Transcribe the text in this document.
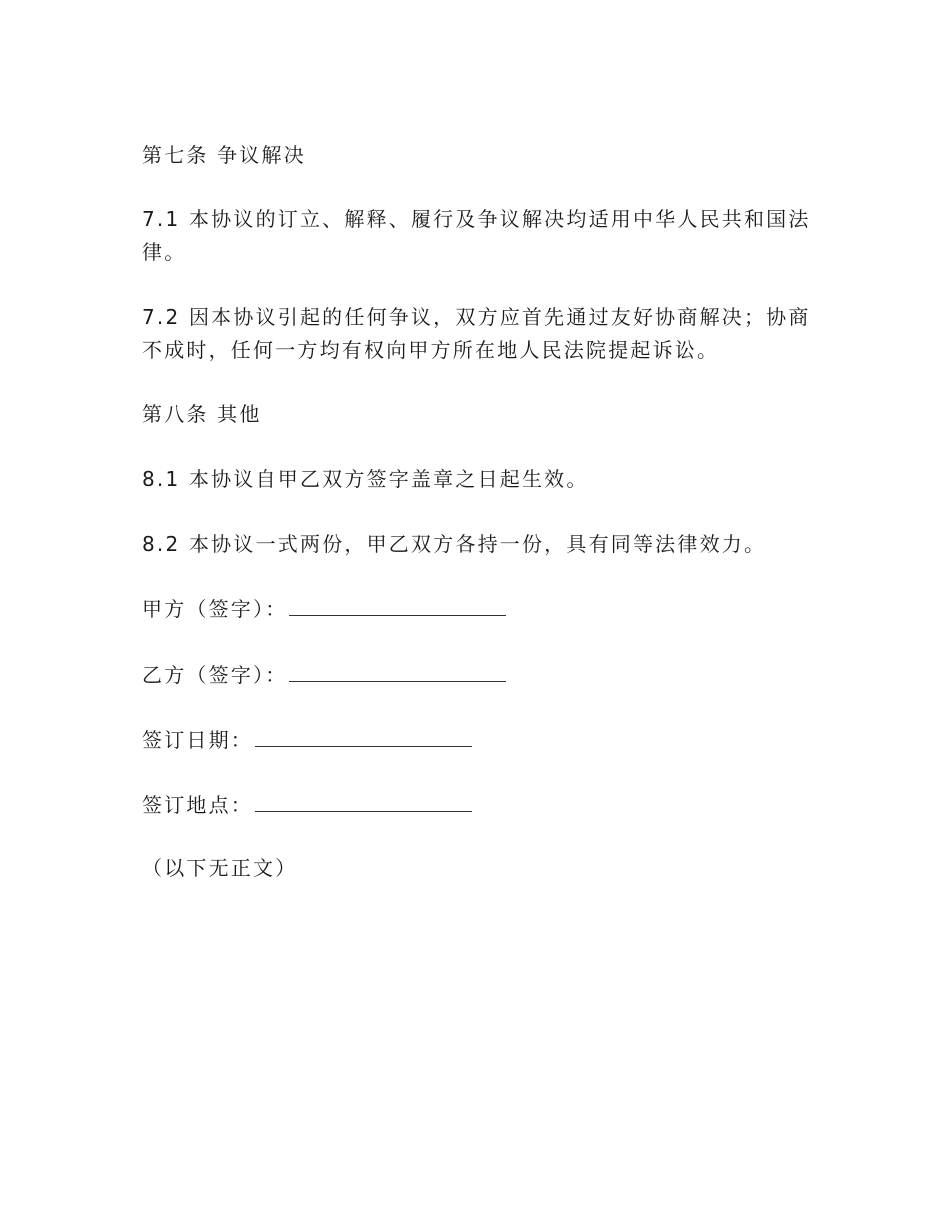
第七条 争议解决
7.1 本协议的订立、解释、履行及争议解决均适用中华人民共和国法
律。
7.2 因本协议引起的任何争议，双方应首先通过友好协商解决；协商
不成时，任何一方均有权向甲方所在地人民法院提起诉讼。
第八条 其他
8.1 本协议自甲乙双方签字盖章之日起生效。
8.2 本协议一式两份，甲乙双方各持一份，具有同等法律效力。
甲方（签字）：
乙方（签字）：
签订日期：
签订地点：
（以下无正文）
